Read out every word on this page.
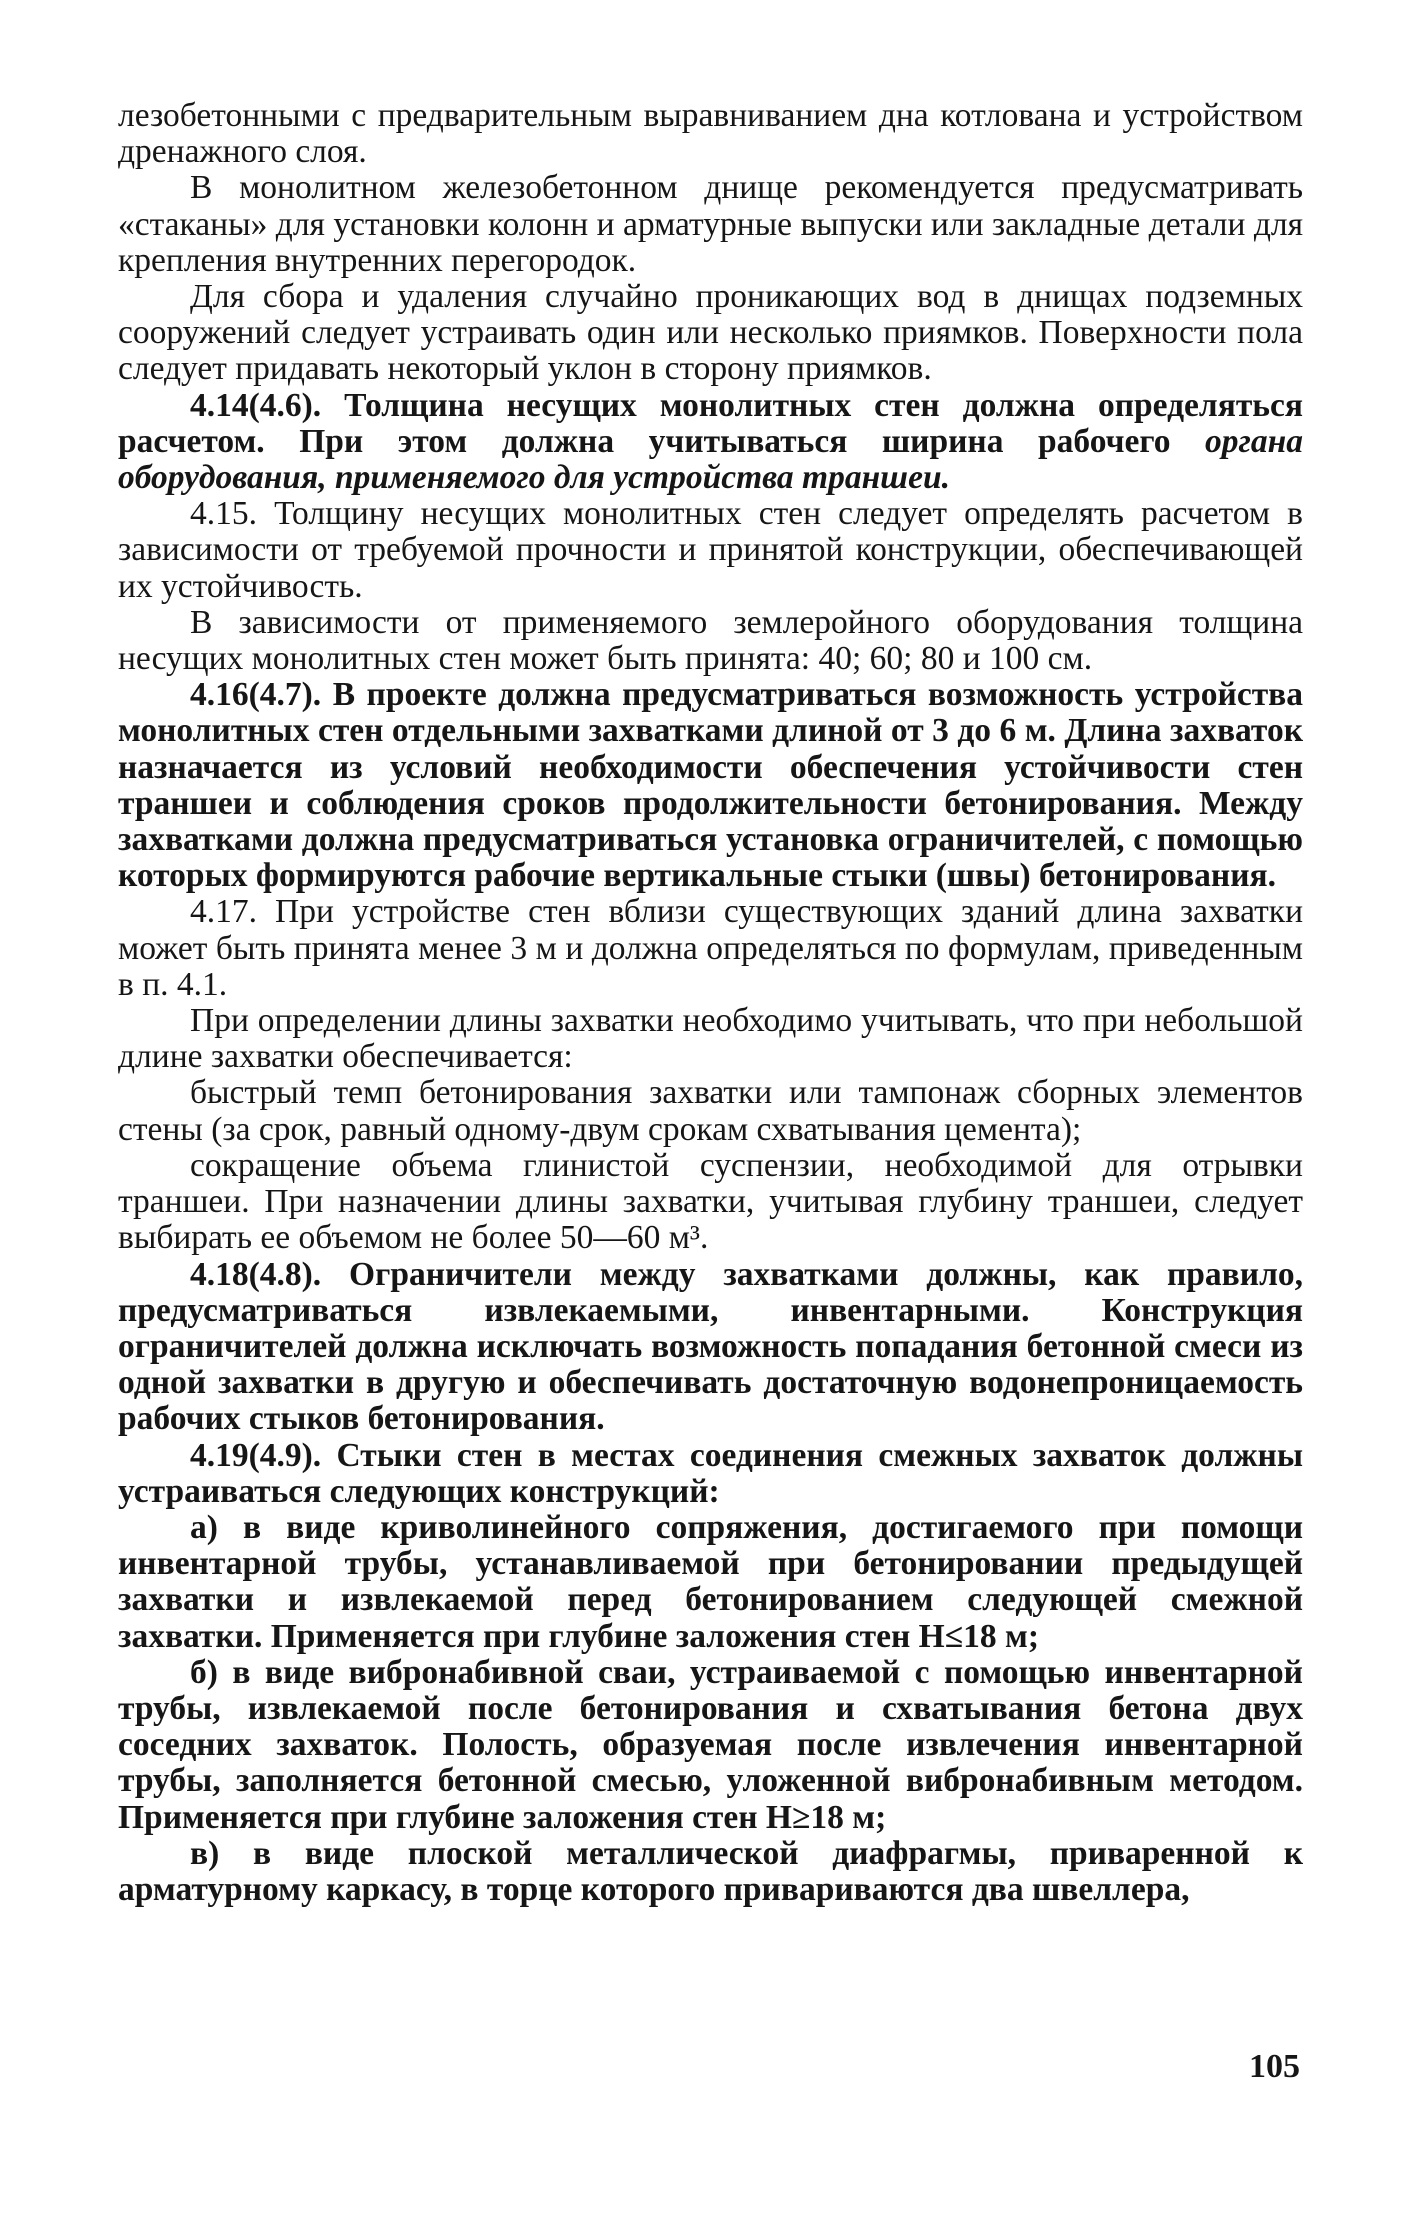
лезобетонными с предварительным выравниванием дна котлована и устройством дренажного слоя.

В монолитном железобетонном днище рекомендуется предусматривать «стаканы» для установки колонн и арматурные выпуски или закладные детали для крепления внутренних перегородок.

Для сбора и удаления случайно проникающих вод в днищах подземных сооружений следует устраивать один или несколько приямков. Поверхности пола следует придавать некоторый уклон в сторону приямков.

4.14(4.6). Толщина несущих монолитных стен должна определяться расчетом. При этом должна учитываться ширина рабочего органа оборудования, применяемого для устройства траншеи.

4.15. Толщину несущих монолитных стен следует определять расчетом в зависимости от требуемой прочности и принятой конструкции, обеспечивающей их устойчивость.

В зависимости от применяемого землеройного оборудования толщина несущих монолитных стен может быть принята: 40; 60; 80 и 100 см.

4.16(4.7). В проекте должна предусматриваться возможность устройства монолитных стен отдельными захватками длиной от 3 до 6 м. Длина захваток назначается из условий необходимости обеспечения устойчивости стен траншеи и соблюдения сроков продолжительности бетонирования. Между захватками должна предусматриваться установка ограничителей, с помощью которых формируются рабочие вертикальные стыки (швы) бетонирования.

4.17. При устройстве стен вблизи существующих зданий длина захватки может быть принята менее 3 м и должна определяться по формулам, приведенным в п. 4.1.

При определении длины захватки необходимо учитывать, что при небольшой длине захватки обеспечивается:

быстрый темп бетонирования захватки или тампонаж сборных элементов стены (за срок, равный одному-двум срокам схватывания цемента);

сокращение объема глинистой суспензии, необходимой для отрывки траншеи. При назначении длины захватки, учитывая глубину траншеи, следует выбирать ее объемом не более 50—60 м³.

4.18(4.8). Ограничители между захватками должны, как правило, предусматриваться извлекаемыми, инвентарными. Конструкция ограничителей должна исключать возможность попадания бетонной смеси из одной захватки в другую и обеспечивать достаточную водонепроницаемость рабочих стыков бетонирования.

4.19(4.9). Стыки стен в местах соединения смежных захваток должны устраиваться следующих конструкций:

а) в виде криволинейного сопряжения, достигаемого при помощи инвентарной трубы, устанавливаемой при бетонировании предыдущей захватки и извлекаемой перед бетонированием следующей смежной захватки. Применяется при глубине заложения стен H≤18 м;

б) в виде вибронабивной сваи, устраиваемой с помощью инвентарной трубы, извлекаемой после бетонирования и схватывания бетона двух соседних захваток. Полость, образуемая после извлечения инвентарной трубы, заполняется бетонной смесью, уложенной вибронабивным методом. Применяется при глубине заложения стен H≥18 м;

в) в виде плоской металлической диафрагмы, приваренной к арматурному каркасу, в торце которого привариваются два швеллера,

105
